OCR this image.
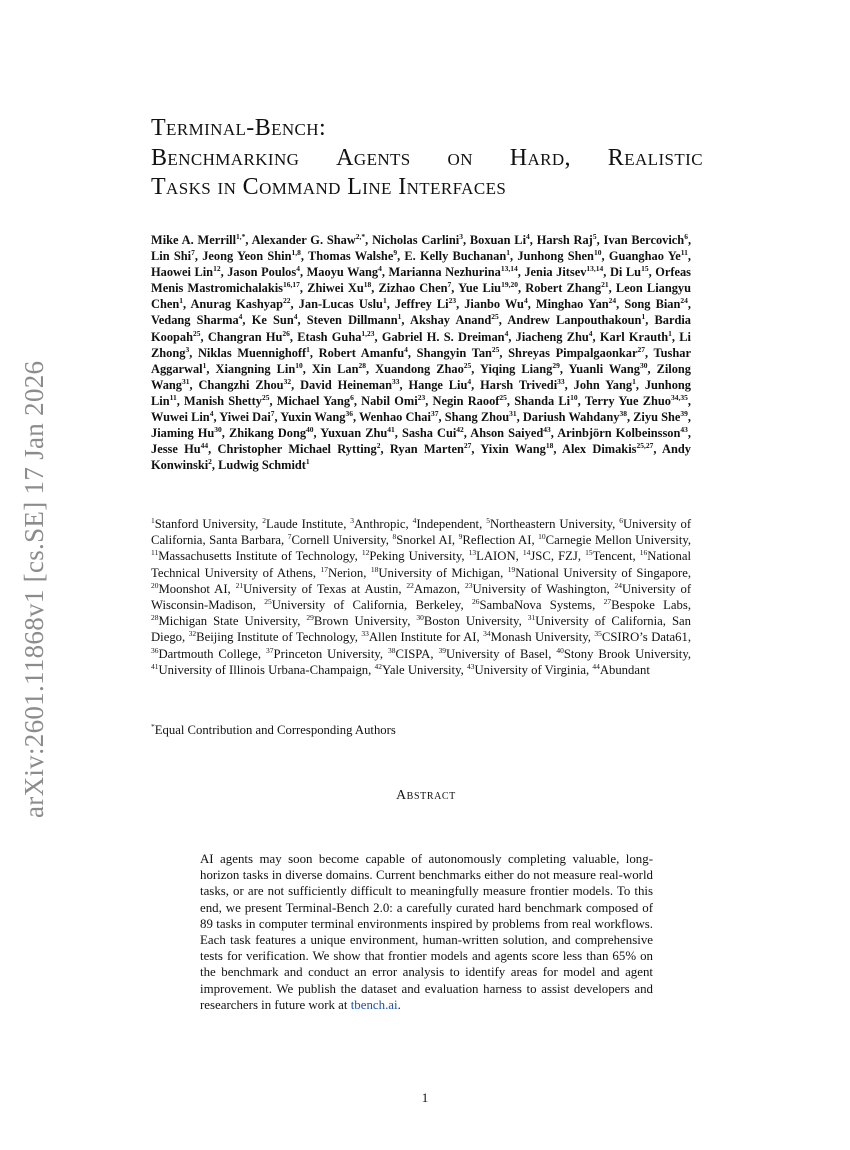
arXiv:2601.11868v1 [cs.SE] 17 Jan 2026
Terminal-Bench:
Benchmarking Agents on Hard, Realistic
Tasks in Command Line Interfaces

Mike A. Merrill$^{1,*}$, Alexander G. Shaw$^{2,*}$, Nicholas Carlini$^3$, Boxuan Li$^4$, Harsh Raj$^5$, Ivan Bercovich$^6$, Lin Shi$^7$, Jeong Yeon Shin$^{1,8}$, Thomas Walshe$^9$, E. Kelly Buchanan$^1$, Junhong Shen$^{10}$, Guanghao Ye$^{11}$, Haowei Lin$^{12}$, Jason Poulos$^4$, Maoyu Wang$^4$, Marianna Nezhurina$^{13,14}$, Jenia Jitsev$^{13,14}$, Di Lu$^{15}$, Orfeas Menis Mastromichalakis$^{16,17}$, Zhiwei Xu$^{18}$, Zizhao Chen$^7$, Yue Liu$^{19,20}$, Robert Zhang$^{21}$, Leon Liangyu Chen$^1$, Anurag Kashyap$^{22}$, Jan-Lucas Uslu$^1$, Jeffrey Li$^{23}$, Jianbo Wu$^4$, Minghao Yan$^{24}$, Song Bian$^{24}$, Vedang Sharma$^4$, Ke Sun$^4$, Steven Dillmann$^1$, Akshay Anand$^{25}$, Andrew Lanpouthakoun$^1$, Bardia Koopah$^{25}$, Changran Hu$^{26}$, Etash Guha$^{1,23}$, Gabriel H. S. Dreiman$^4$, Jiacheng Zhu$^4$, Karl Krauth$^1$, Li Zhong$^3$, Niklas Muennighoff$^1$, Robert Amanfu$^4$, Shangyin Tan$^{25}$, Shreyas Pimpalgaonkar$^{27}$, Tushar Aggarwal$^1$, Xiangning Lin$^{10}$, Xin Lan$^{28}$, Xuandong Zhao$^{25}$, Yiqing Liang$^{29}$, Yuanli Wang$^{30}$, Zilong Wang$^{31}$, Changzhi Zhou$^{32}$, David Heineman$^{33}$, Hange Liu$^4$, Harsh Trivedi$^{33}$, John Yang$^1$, Junhong Lin$^{11}$, Manish Shetty$^{25}$, Michael Yang$^6$, Nabil Omi$^{23}$, Negin Raoof$^{25}$, Shanda Li$^{10}$, Terry Yue Zhuo$^{34,35}$, Wuwei Lin$^4$, Yiwei Dai$^7$, Yuxin Wang$^{36}$, Wenhao Chai$^{37}$, Shang Zhou$^{31}$, Dariush Wahdany$^{38}$, Ziyu She$^{39}$, Jiaming Hu$^{30}$, Zhikang Dong$^{40}$, Yuxuan Zhu$^{41}$, Sasha Cui$^{42}$, Ahson Saiyed$^{43}$, Arinbjörn Kolbeinsson$^{43}$, Jesse Hu$^{44}$, Christopher Michael Rytting$^2$, Ryan Marten$^{27}$, Yixin Wang$^{18}$, Alex Dimakis$^{25,27}$, Andy Konwinski$^2$, Ludwig Schmidt$^1$

$^1$Stanford University, $^2$Laude Institute, $^3$Anthropic, $^4$Independent, $^5$Northeastern University, $^6$University of California, Santa Barbara, $^7$Cornell University, $^8$Snorkel AI, $^9$Reflection AI, $^{10}$Carnegie Mellon University, $^{11}$Massachusetts Institute of Technology, $^{12}$Peking University, $^{13}$LAION, $^{14}$JSC, FZJ, $^{15}$Tencent, $^{16}$National Technical University of Athens, $^{17}$Nerion, $^{18}$University of Michigan, $^{19}$National University of Singapore, $^{20}$Moonshot AI, $^{21}$University of Texas at Austin, $^{22}$Amazon, $^{23}$University of Washington, $^{24}$University of Wisconsin-Madison, $^{25}$University of California, Berkeley, $^{26}$SambaNova Systems, $^{27}$Bespoke Labs, $^{28}$Michigan State University, $^{29}$Brown University, $^{30}$Boston University, $^{31}$University of California, San Diego, $^{32}$Beijing Institute of Technology, $^{33}$Allen Institute for AI, $^{34}$Monash University, $^{35}$CSIRO’s Data61, $^{36}$Dartmouth College, $^{37}$Princeton University, $^{38}$CISPA, $^{39}$University of Basel, $^{40}$Stony Brook University, $^{41}$University of Illinois Urbana-Champaign, $^{42}$Yale University, $^{43}$University of Virginia, $^{44}$Abundant

*Equal Contribution and Corresponding Authors

Abstract

AI agents may soon become capable of autonomously completing valuable, long-horizon tasks in diverse domains. Current benchmarks either do not measure real-world tasks, or are not sufficiently difficult to meaningfully measure frontier models. To this end, we present Terminal-Bench 2.0: a carefully curated hard benchmark composed of 89 tasks in computer terminal environments inspired by problems from real workflows. Each task features a unique environment, human-written solution, and comprehensive tests for verification. We show that frontier models and agents score less than 65% on the benchmark and conduct an error analysis to identify areas for model and agent improvement. We publish the dataset and evaluation harness to assist developers and researchers in future work at tbench.ai.

1
